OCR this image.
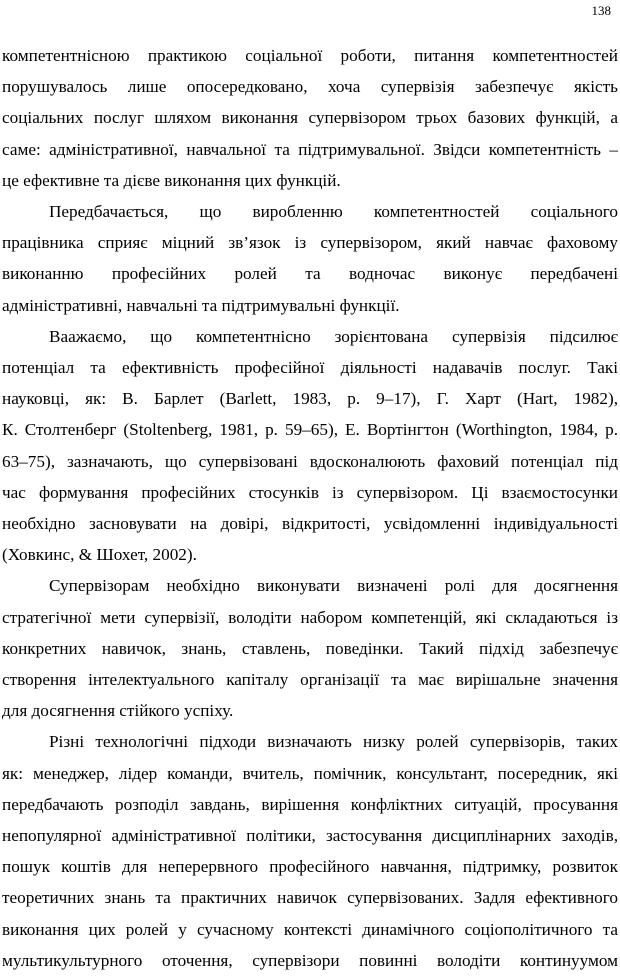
138

компетентнісною практикою соціальної роботи, питання компетентностей

порушувалось лише опосередковано, хоча супервізія забезпечує якість

соціальних послуг шляхом виконання супервізором трьох базових функцій, а

саме: адміністративної, навчальної та підтримувальної. Звідси компетентність –

це ефективне та дієве виконання цих функцій.

Передбачається, що виробленню компетентностей соціального

працівника сприяє міцний зв’язок із супервізором, який навчає фаховому

виконанню професійних ролей та водночас виконує передбачені

адміністративні, навчальні та підтримувальні функції.

Ваажаємо, що компетентнісно зорієнтована супервізія підсилює

потенціал та ефективність професійної діяльності надавачів послуг. Такі

науковці, як: В. Барлет (Barlett, 1983, p. 9–17), Г. Харт (Hart, 1982),

К. Столтенберг (Stoltenberg, 1981, p. 59–65), Е. Вортінгтон (Worthington, 1984, p.

63–75), зазначають, що супервізовані вдосконалюють фаховий потенціал під

час формування професійних стосунків із супервізором. Ці взаємостосунки

необхідно засновувати на довірі, відкритості, усвідомленні індивідуальності

(Ховкинс, & Шохет, 2002).

Супервізорам необхідно виконувати визначені ролі для досягнення

стратегічної мети супервізії, володіти набором компетенцій, які складаються із

конкретних навичок, знань, ставлень, поведінки. Такий підхід забезпечує

створення інтелектуального капіталу організації та має вирішальне значення

для досягнення стійкого успіху.

Різні технологічні підходи визначають низку ролей супервізорів, таких

як: менеджер, лідер команди, вчитель, помічник, консультант, посередник, які

передбачають розподіл завдань, вирішення конфліктних ситуацій, просування

непопулярної адміністративної політики, застосування дисциплінарних заходів,

пошук коштів для неперервного професійного навчання, підтримку, розвиток

теоретичних знань та практичних навичок супервізованих. Задля ефективного

виконання цих ролей у сучасному контексті динамічного соціополітичного та

мультикультурного оточення, супервізори повинні володіти континуумом
